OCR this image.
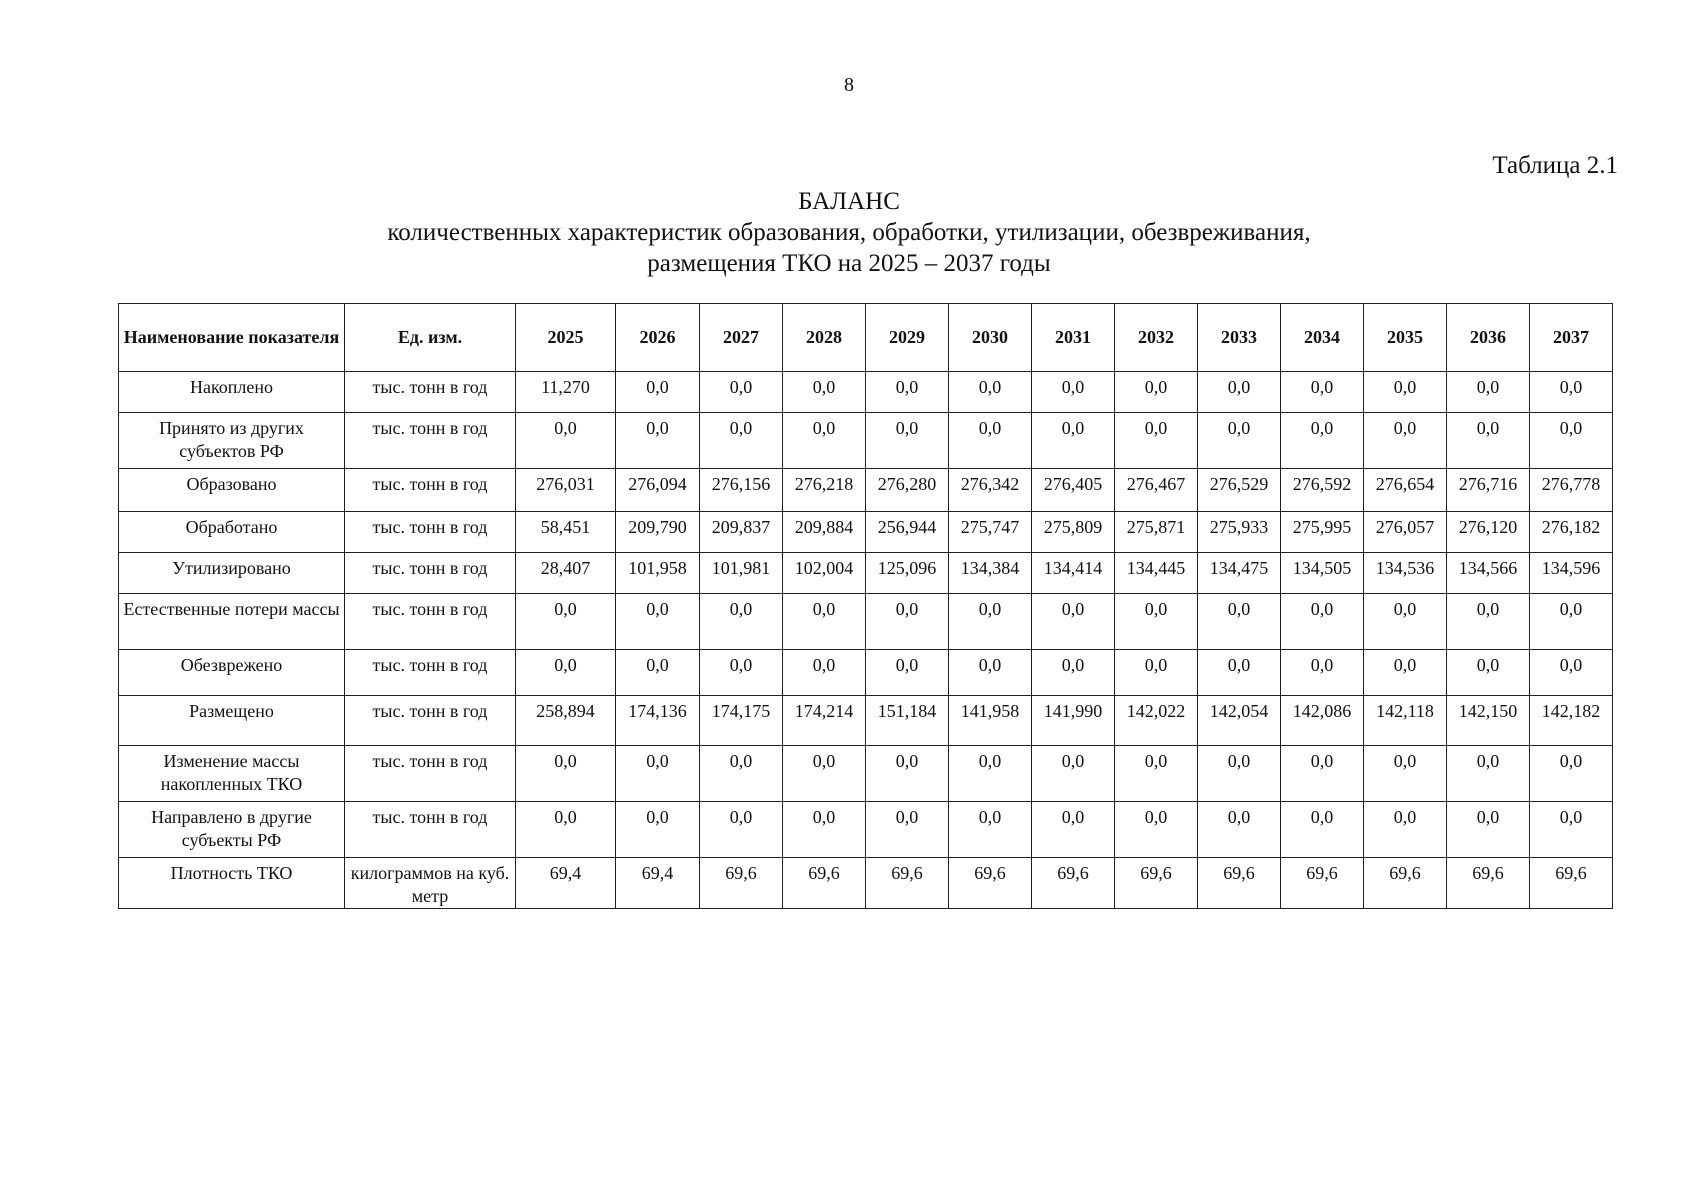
8
Таблица 2.1
БАЛАНС
количественных характеристик образования, обработки, утилизации, обезвреживания,
размещения ТКО на 2025 – 2037 годы
Наименование показателя	Ед. изм.	2025	2026	2027	2028	2029	2030	2031	2032	2033	2034	2035	2036	2037
Накоплено	тыс. тонн в год	11,270	0,0	0,0	0,0	0,0	0,0	0,0	0,0	0,0	0,0	0,0	0,0	0,0
Принято из других субъектов РФ	тыс. тонн в год	0,0	0,0	0,0	0,0	0,0	0,0	0,0	0,0	0,0	0,0	0,0	0,0	0,0
Образовано	тыс. тонн в год	276,031	276,094	276,156	276,218	276,280	276,342	276,405	276,467	276,529	276,592	276,654	276,716	276,778
Обработано	тыс. тонн в год	58,451	209,790	209,837	209,884	256,944	275,747	275,809	275,871	275,933	275,995	276,057	276,120	276,182
Утилизировано	тыс. тонн в год	28,407	101,958	101,981	102,004	125,096	134,384	134,414	134,445	134,475	134,505	134,536	134,566	134,596
Естественные потери массы	тыс. тонн в год	0,0	0,0	0,0	0,0	0,0	0,0	0,0	0,0	0,0	0,0	0,0	0,0	0,0
Обезврежено	тыс. тонн в год	0,0	0,0	0,0	0,0	0,0	0,0	0,0	0,0	0,0	0,0	0,0	0,0	0,0
Размещено	тыс. тонн в год	258,894	174,136	174,175	174,214	151,184	141,958	141,990	142,022	142,054	142,086	142,118	142,150	142,182
Изменение массы накопленных ТКО	тыс. тонн в год	0,0	0,0	0,0	0,0	0,0	0,0	0,0	0,0	0,0	0,0	0,0	0,0	0,0
Направлено в другие субъекты РФ	тыс. тонн в год	0,0	0,0	0,0	0,0	0,0	0,0	0,0	0,0	0,0	0,0	0,0	0,0	0,0
Плотность ТКО	килограммов на куб. метр	69,4	69,4	69,6	69,6	69,6	69,6	69,6	69,6	69,6	69,6	69,6	69,6	69,6
